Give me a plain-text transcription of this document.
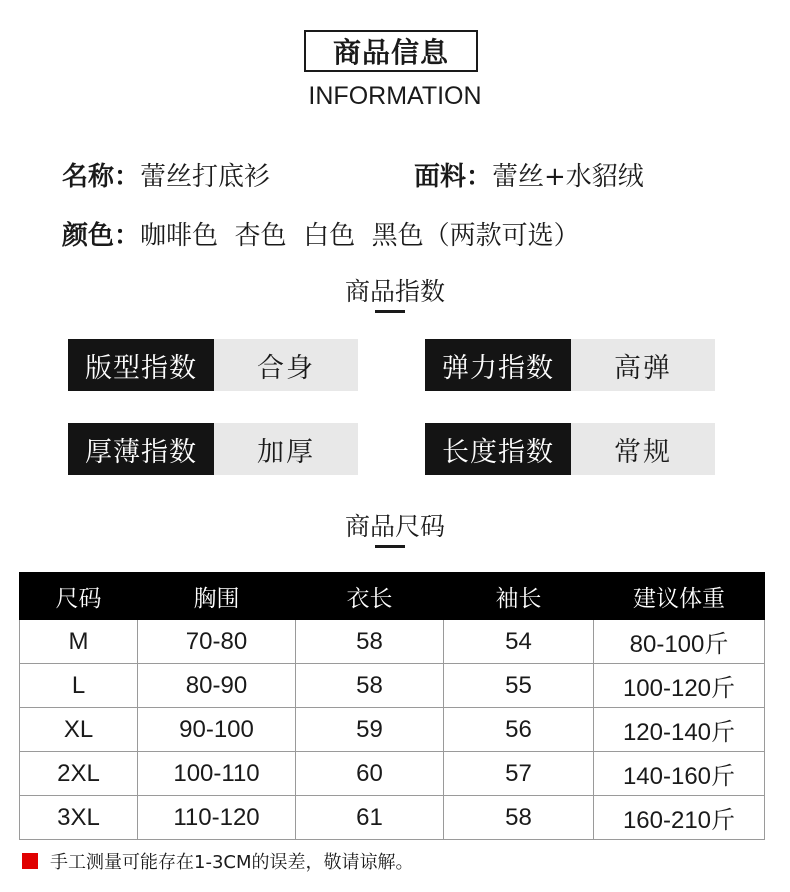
商品信息
INFORMATION
名称：蕾丝打底衫	面料：蕾丝+水貂绒
颜色：咖啡色  杏色  白色  黑色（两款可选）
商品指数
版型指数	合身	弹力指数	高弹
厚薄指数	加厚	长度指数	常规
商品尺码
尺码	胸围	衣长	袖长	建议体重
M	70-80	58	54	80-100斤
L	80-90	58	55	100-120斤
XL	90-100	59	56	120-140斤
2XL	100-110	60	57	140-160斤
3XL	110-120	61	58	160-210斤
手工测量可能存在1-3CM的误差，敬请谅解。
